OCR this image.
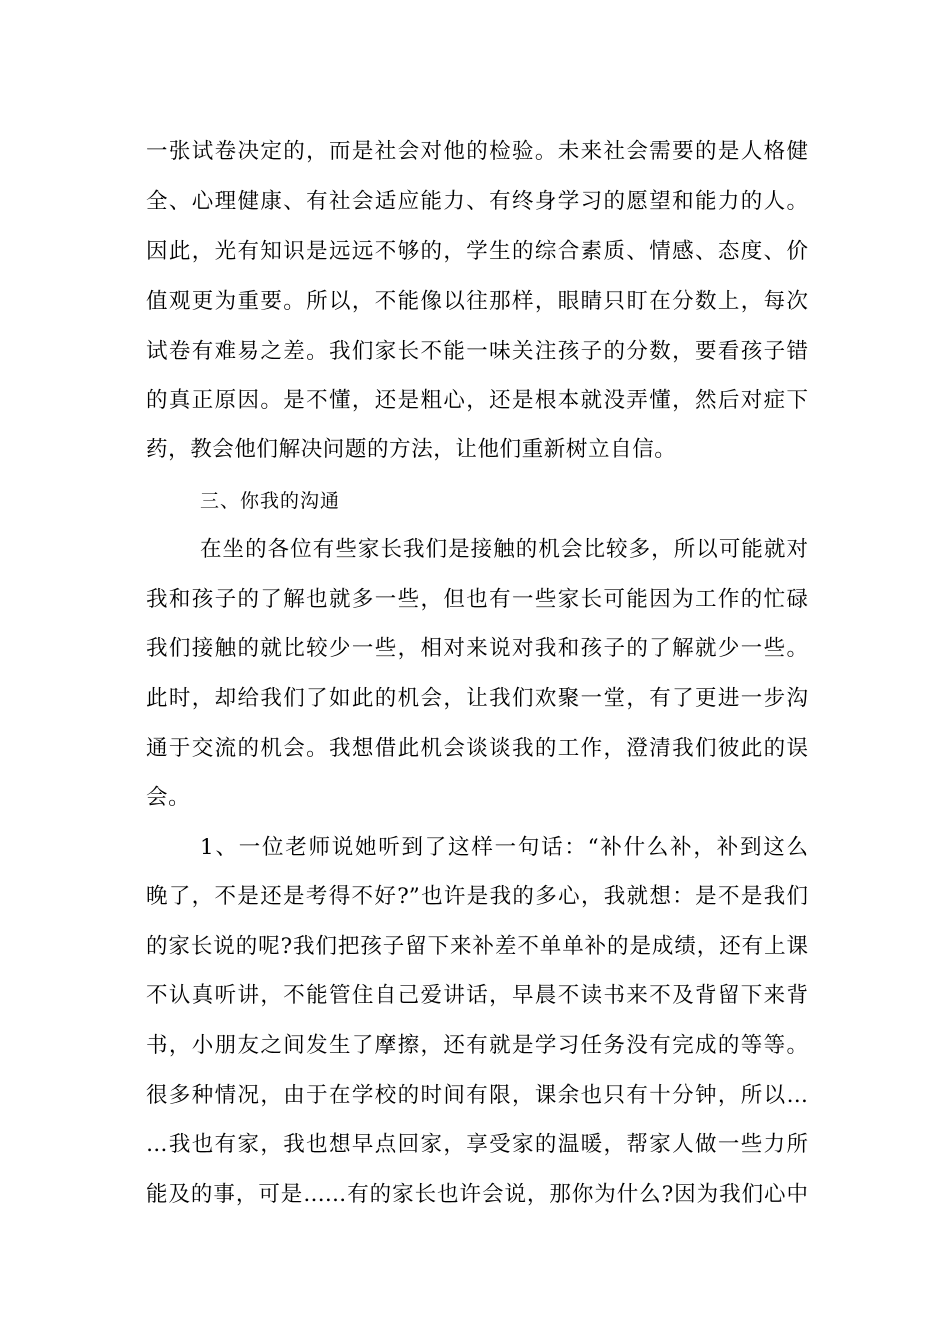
一张试卷决定的，而是社会对他的检验。未来社会需要的是人格健
全、心理健康、有社会适应能力、有终身学习的愿望和能力的人。
因此，光有知识是远远不够的，学生的综合素质、情感、态度、价
值观更为重要。所以，不能像以往那样，眼睛只盯在分数上，每次
试卷有难易之差。我们家长不能一味关注孩子的分数，要看孩子错
的真正原因。是不懂，还是粗心，还是根本就没弄懂，然后对症下
药，教会他们解决问题的方法，让他们重新树立自信。
三、你我的沟通
在坐的各位有些家长我们是接触的机会比较多，所以可能就对
我和孩子的了解也就多一些，但也有一些家长可能因为工作的忙碌
我们接触的就比较少一些，相对来说对我和孩子的了解就少一些。
此时，却给我们了如此的机会，让我们欢聚一堂，有了更进一步沟
通于交流的机会。我想借此机会谈谈我的工作，澄清我们彼此的误
会。
1、一位老师说她听到了这样一句话：“补什么补，补到这么
晚了，不是还是考得不好?”也许是我的多心，我就想：是不是我们
的家长说的呢?我们把孩子留下来补差不单单补的是成绩，还有上课
不认真听讲，不能管住自己爱讲话，早晨不读书来不及背留下来背
书，小朋友之间发生了摩擦，还有就是学习任务没有完成的等等。
很多种情况，由于在学校的时间有限，课余也只有十分钟，所以…
…我也有家，我也想早点回家，享受家的温暖，帮家人做一些力所
能及的事，可是……有的家长也许会说，那你为什么?因为我们心中
